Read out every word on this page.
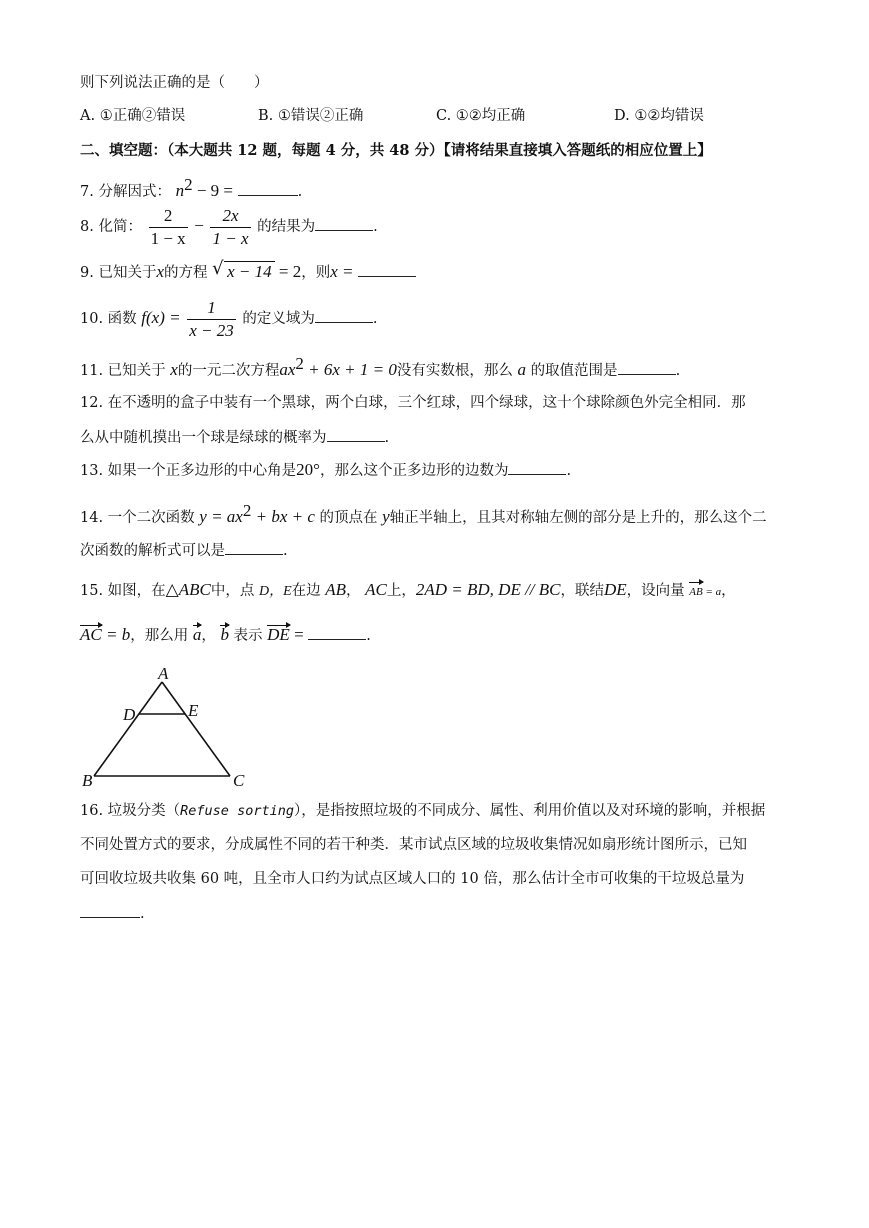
则下列说法正确的是（　　）
A. ①正确②错误	B. ①错误②正确	C. ①②均正确	D. ①②均错误
二、填空题：（本大题共 12 题，每题 4 分，共 48 分）【请将结果直接填入答题纸的相应位置上】
7. 分解因式： $n^2 - 9$ =	.
8. 化简： $\frac{2}{1 - x} - \frac{2x}{1 - x}$ 的结果为	.
9. 已知关于x的方程 √ x − 14 = 2，则x =
10. 函数 $f(x) = \frac{1}{x - 23}$ 的定义域为	.
11. 已知关于 x的一元二次方程$ax^2 + 6x + 1 = 0$没有实数根，那么 a 的取值范围是	.
12. 在不透明的盒子中装有一个黑球，两个白球，三个红球，四个绿球，这十个球除颜色外完全相同．那
么从中随机摸出一个球是绿球的概率为	.
13. 如果一个正多边形的中心角是20°，那么这个正多边形的边数为	.
14. 一个二次函数 $y = ax^2$ + bx + c 的顶点在 y轴正半轴上，且其对称轴左侧的部分是上升的，那么这个二
次函数的解析式可以是	.
15. 如图，在△ABC中，点 D，E在边 AB， AC上，2AD = BD, DE // BC，联结DE，设向量 AB = a，
AC = b，那么用 a， b 表示 DE =	.
A
B	C
D	E
16. 垃圾分类（Refuse sorting），是指按照垃圾的不同成分、属性、利用价值以及对环境的影响，并根据
不同处置方式的要求，分成属性不同的若干种类．某市试点区域的垃圾收集情况如扇形统计图所示，已知
可回收垃圾共收集 60 吨，且全市人口约为试点区域人口的 10 倍，那么估计全市可收集的干垃圾总量为
.
